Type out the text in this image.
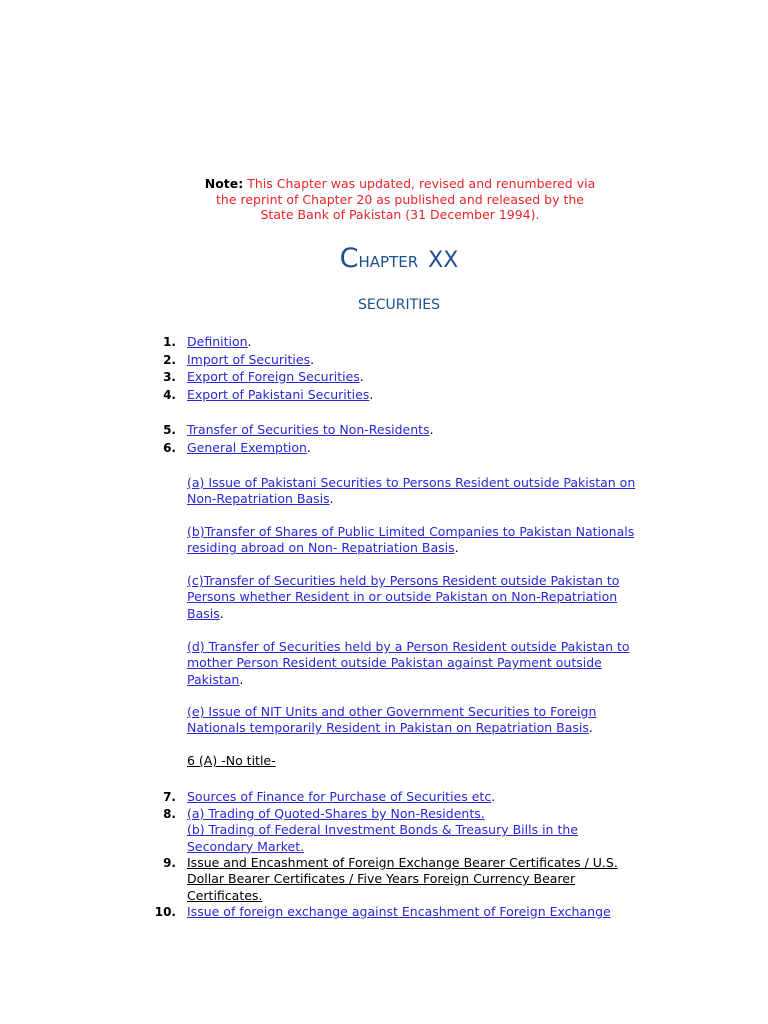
Note: This Chapter was updated, revised and renumbered via
the reprint of Chapter 20 as published and released by the
State Bank of Pakistan (31 December 1994).
CHAPTER XX
SECURITIES
1. Definition.
2. Import of Securities.
3. Export of Foreign Securities.
4. Export of Pakistani Securities.
5. Transfer of Securities to Non-Residents.
6. General Exemption.
(a) Issue of Pakistani Securities to Persons Resident outside Pakistan on
Non-Repatriation Basis.
(b)Transfer of Shares of Public Limited Companies to Pakistan Nationals
residing abroad on Non- Repatriation Basis.
(c)Transfer of Securities held by Persons Resident outside Pakistan to
Persons whether Resident in or outside Pakistan on Non-Repatriation
Basis.
(d) Transfer of Securities held by a Person Resident outside Pakistan to
mother Person Resident outside Pakistan against Payment outside
Pakistan.
(e) Issue of NIT Units and other Government Securities to Foreign
Nationals temporarily Resident in Pakistan on Repatriation Basis.
6 (A) -No title-
7. Sources of Finance for Purchase of Securities etc.
8. (a) Trading of Quoted-Shares by Non-Residents.
(b) Trading of Federal Investment Bonds & Treasury Bills in the
Secondary Market.
9. Issue and Encashment of Foreign Exchange Bearer Certificates / U.S.
Dollar Bearer Certificates / Five Years Foreign Currency Bearer
Certificates.
10. Issue of foreign exchange against Encashment of Foreign Exchange
